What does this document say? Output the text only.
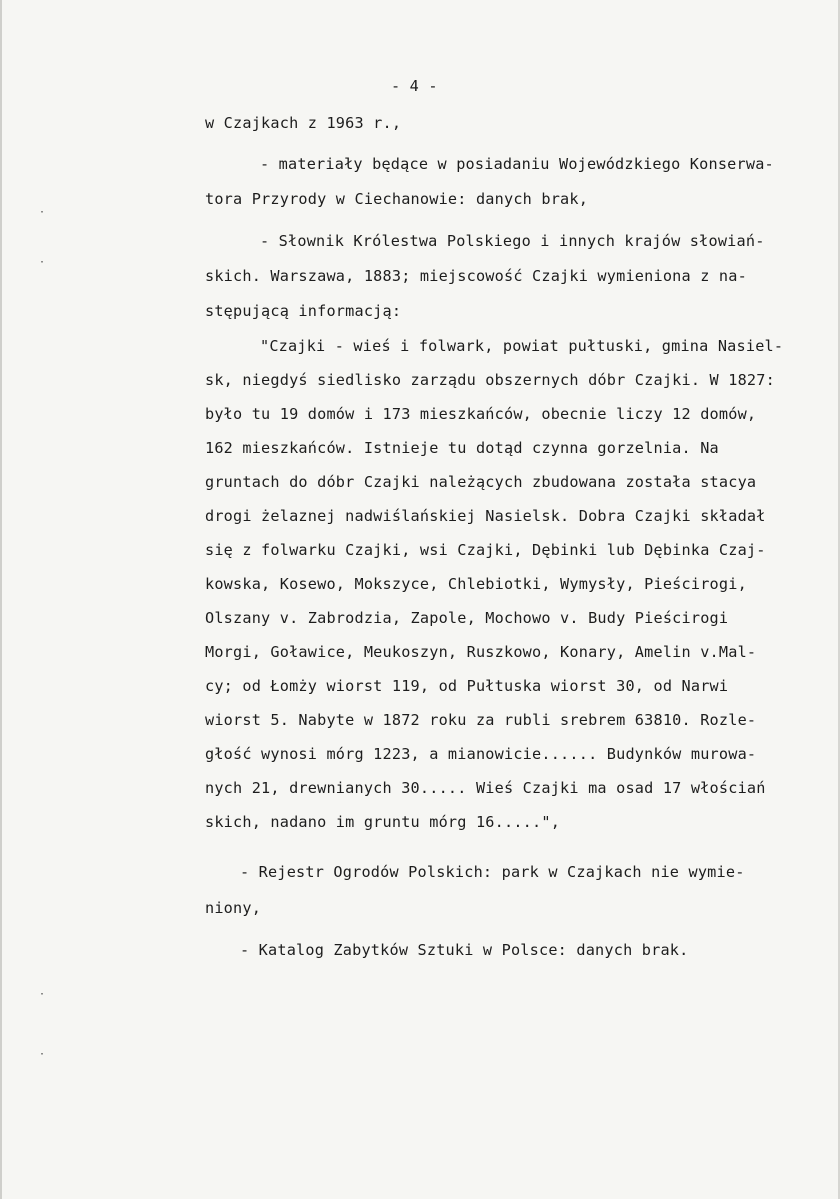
- 4 -
w Czajkach z 1963 r.,
- materiały będące w posiadaniu Wojewódzkiego Konserwa-
tora Przyrody w Ciechanowie: danych brak,
- Słownik Królestwa Polskiego i innych krajów słowiań-
skich. Warszawa, 1883; miejscowość Czajki wymieniona z na-
stępującą informacją:
"Czajki - wieś i folwark, powiat pułtuski, gmina Nasiel-
sk, niegdyś siedlisko zarządu obszernych dóbr Czajki. W 1827:
było tu 19 domów i 173 mieszkańców, obecnie liczy 12 domów,
162 mieszkańców. Istnieje tu dotąd czynna gorzelnia. Na
gruntach do dóbr Czajki należących zbudowana została stacya
drogi żelaznej nadwiślańskiej Nasielsk. Dobra Czajki składał
się z folwarku Czajki, wsi Czajki, Dębinki lub Dębinka Czaj-
kowska, Kosewo, Mokszyce, Chlebiotki, Wymysły, Pieścirogi,
Olszany v. Zabrodzia, Zapole, Mochowo v. Budy Pieścirogi
Morgi, Goławice, Meukoszyn, Ruszkowo, Konary, Amelin v.Mal-
cy; od Łomży wiorst 119, od Pułtuska wiorst 30, od Narwi
wiorst 5. Nabyte w 1872 roku za rubli srebrem 63810. Rozle-
głość wynosi mórg 1223, a mianowicie...... Budynków murowa-
nych 21, drewnianych 30..... Wieś Czajki ma osad 17 włościań
skich, nadano im gruntu mórg 16.....",
- Rejestr Ogrodów Polskich: park w Czajkach nie wymie-
niony,
- Katalog Zabytków Sztuki w Polsce: danych brak.
·
·
·
·
